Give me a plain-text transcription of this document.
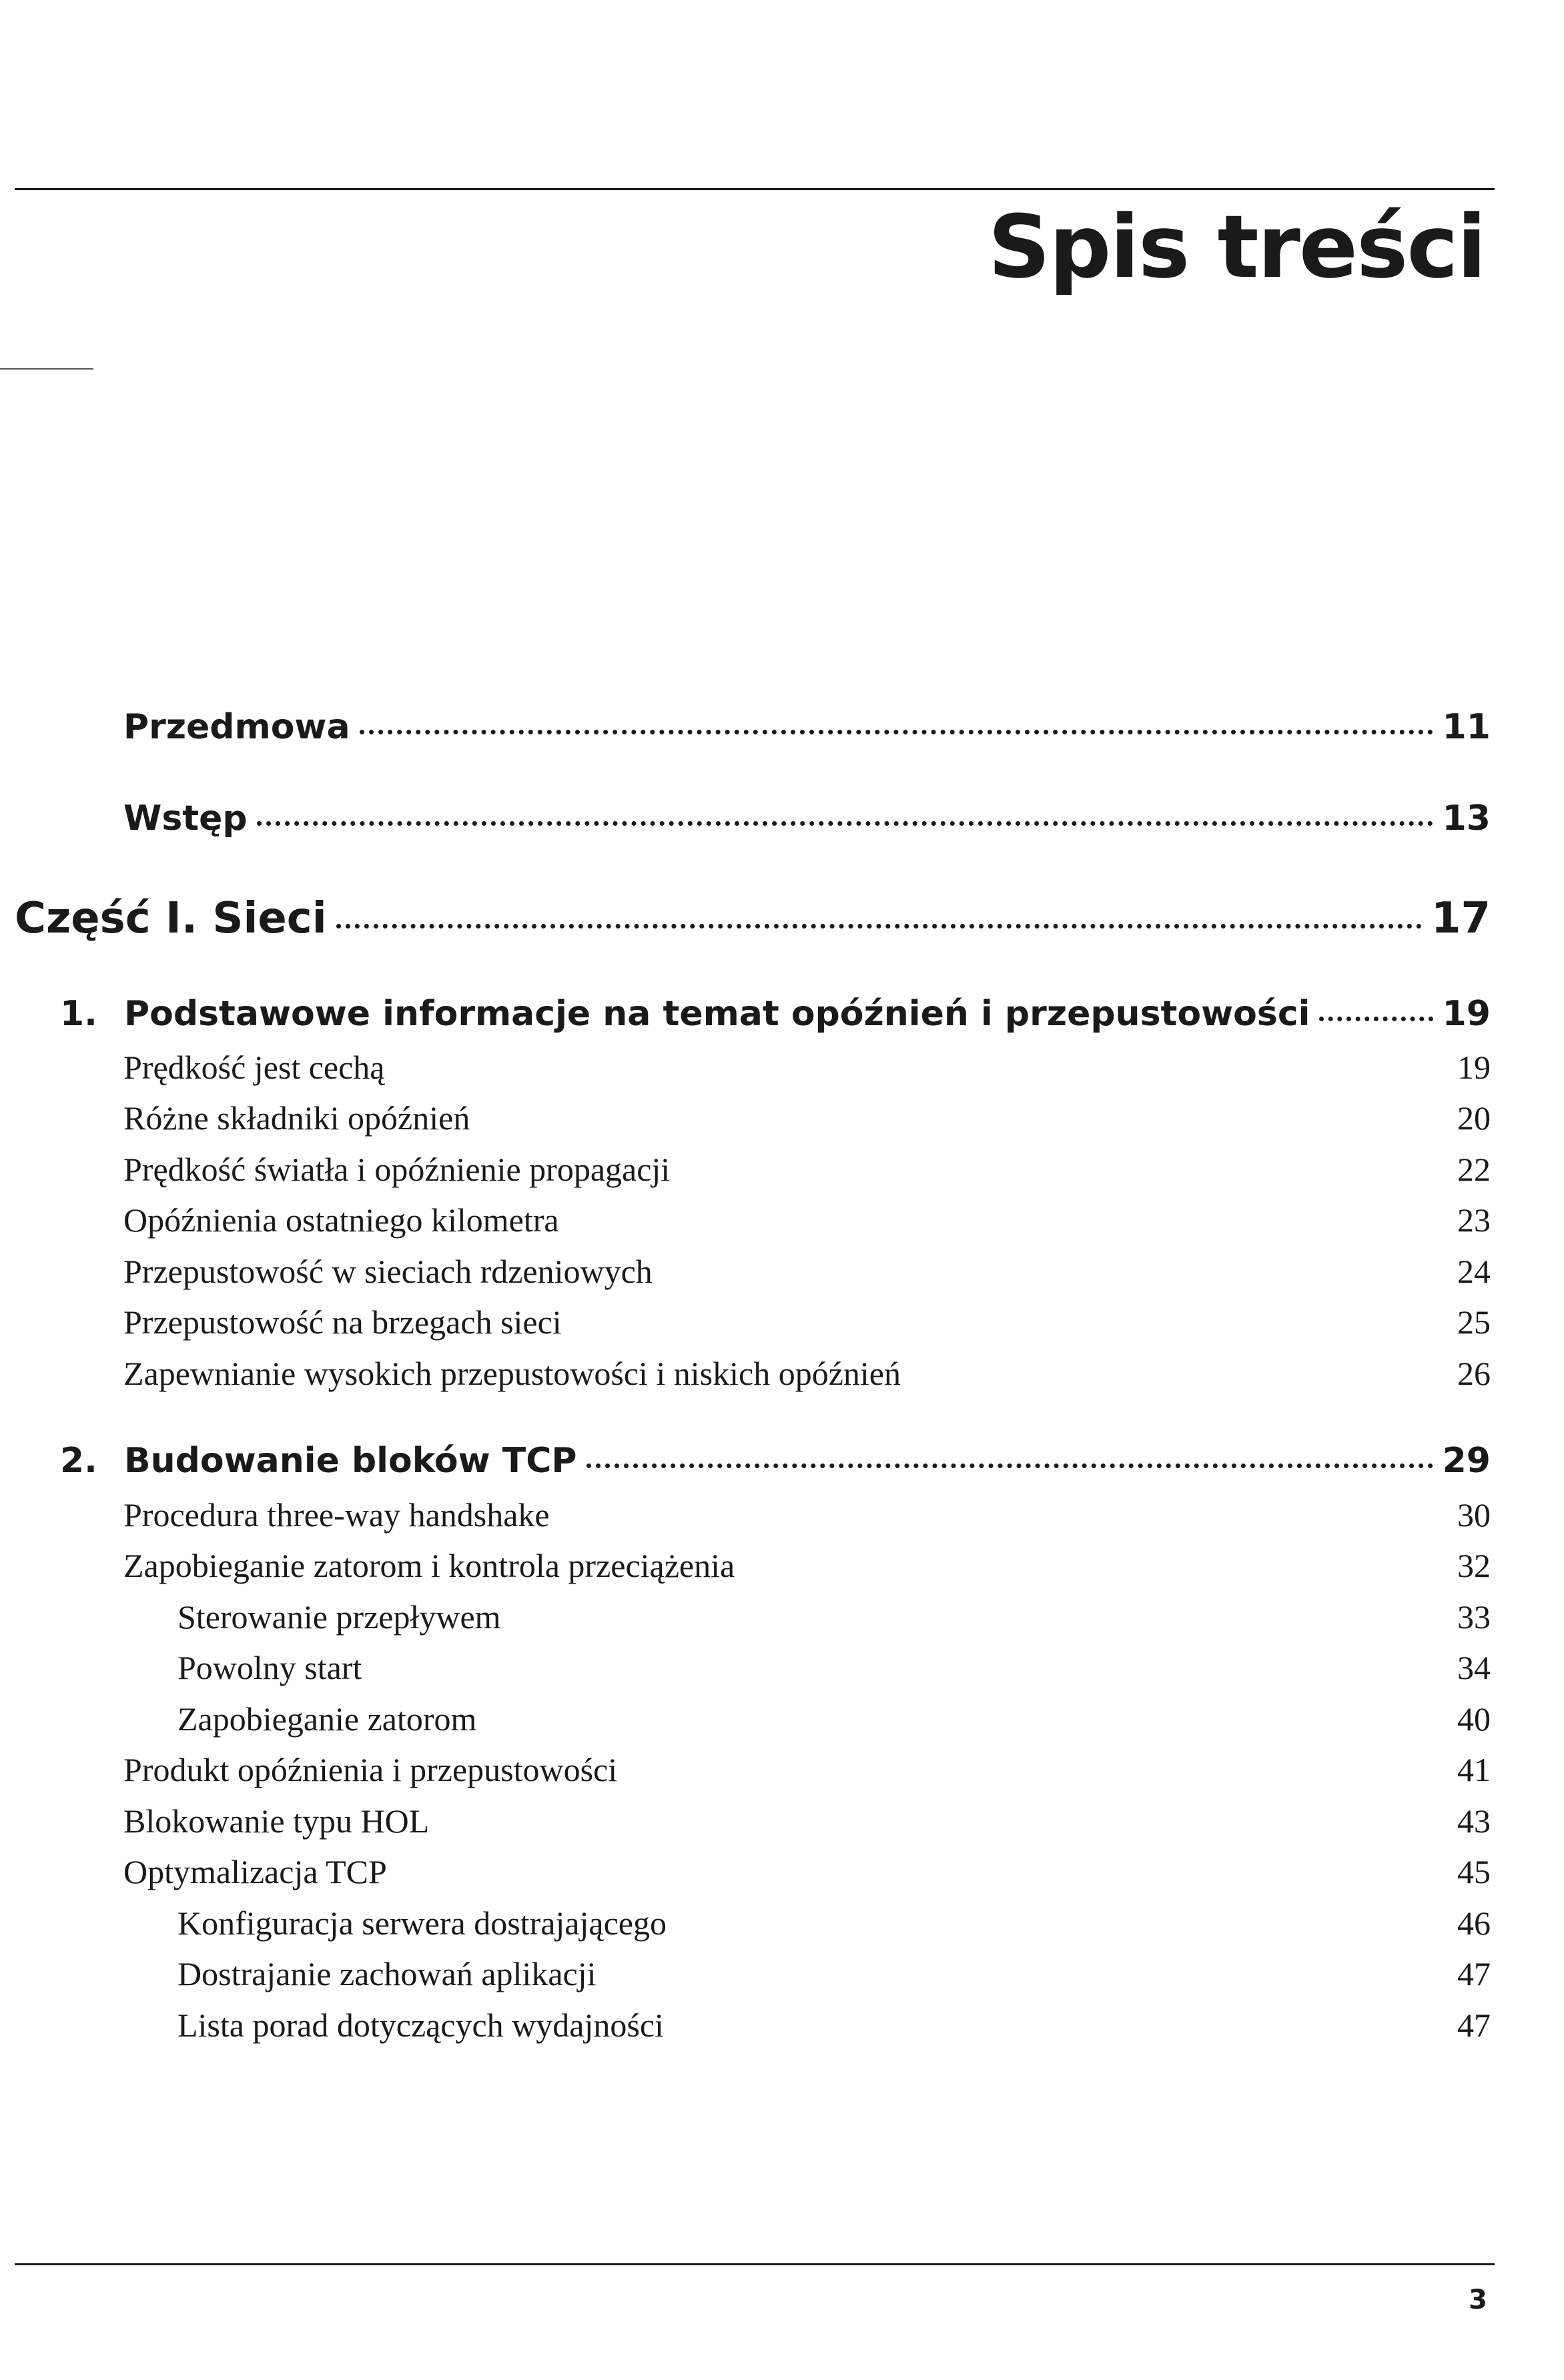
Spis treści
Przedmowa	11
Wstęp	13
Część I. Sieci	17
1. Podstawowe informacje na temat opóźnień i przepustowości	19
Prędkość jest cechą	19
Różne składniki opóźnień	20
Prędkość światła i opóźnienie propagacji	22
Opóźnienia ostatniego kilometra	23
Przepustowość w sieciach rdzeniowych	24
Przepustowość na brzegach sieci	25
Zapewnianie wysokich przepustowości i niskich opóźnień	26
2. Budowanie bloków TCP	29
Procedura three-way handshake	30
Zapobieganie zatorom i kontrola przeciążenia	32
Sterowanie przepływem	33
Powolny start	34
Zapobieganie zatorom	40
Produkt opóźnienia i przepustowości	41
Blokowanie typu HOL	43
Optymalizacja TCP	45
Konfiguracja serwera dostrajającego	46
Dostrajanie zachowań aplikacji	47
Lista porad dotyczących wydajności	47
3
